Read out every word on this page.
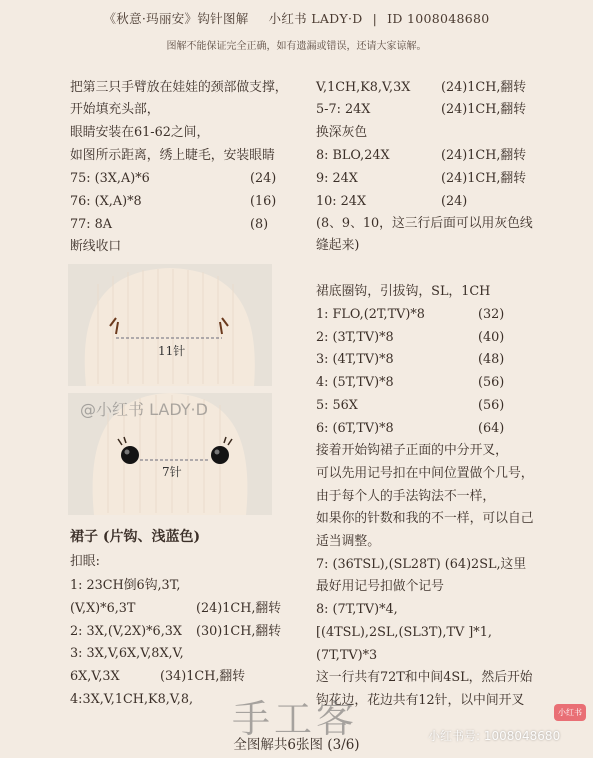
《秋意·玛丽安》钩针图解 小红书 LADY·D | ID 1008048680
图解不能保证完全正确，如有遗漏或错误，还请大家谅解。
把第三只手臂放在娃娃的颈部做支撑，
开始填充头部，
眼睛安装在61-62之间，
如图所示距离，绣上睫毛，安装眼睛
75: (3X,A)*6	(24)
76: (X,A)*8	(16)
77: 8A	(8)
断线收口
11针
7针
@小红书 LADY·D
裙子 (片钩、浅蓝色)
扣眼:
1: 23CH倒6钩,3T,
(V,X)*6,3T	(24)1CH,翻转
2: 3X,(V,2X)*6,3X (30)1CH,翻转
3: 3X,V,6X,V,8X,V,
6X,V,3X	(34)1CH,翻转
4:3X,V,1CH,K8,V,8,
V,1CH,K8,V,3X (24)1CH,翻转
5-7: 24X	(24)1CH,翻转
换深灰色
8: BLO,24X	(24)1CH,翻转
9: 24X	(24)1CH,翻转
10: 24X	(24)
(8、9、10，这三行后面可以用灰色线
缝起来)
裙底圈钩，引拔钩，SL，1CH
1: FLO,(2T,TV)*8	(32)
2: (3T,TV)*8	(40)
3: (4T,TV)*8	(48)
4: (5T,TV)*8	(56)
5: 56X	(56)
6: (6T,TV)*8	(64)
接着开始钩裙子正面的中分开叉，
可以先用记号扣在中间位置做个几号，
由于每个人的手法钩法不一样，
如果你的针数和我的不一样，可以自己
适当调整。
7: (36TSL),(SL28T) (64)2SL,这里
最好用记号扣做个记号
8: (7T,TV)*4,
[(4TSL),2SL,(SL3T),TV ]*1,
(7T,TV)*3
这一行共有72T和中间4SL，然后开始
钩花边，花边共有12针，以中间开叉
手工客	小红书
小红书号: 1008048680
全图解共6张图 (3/6)
